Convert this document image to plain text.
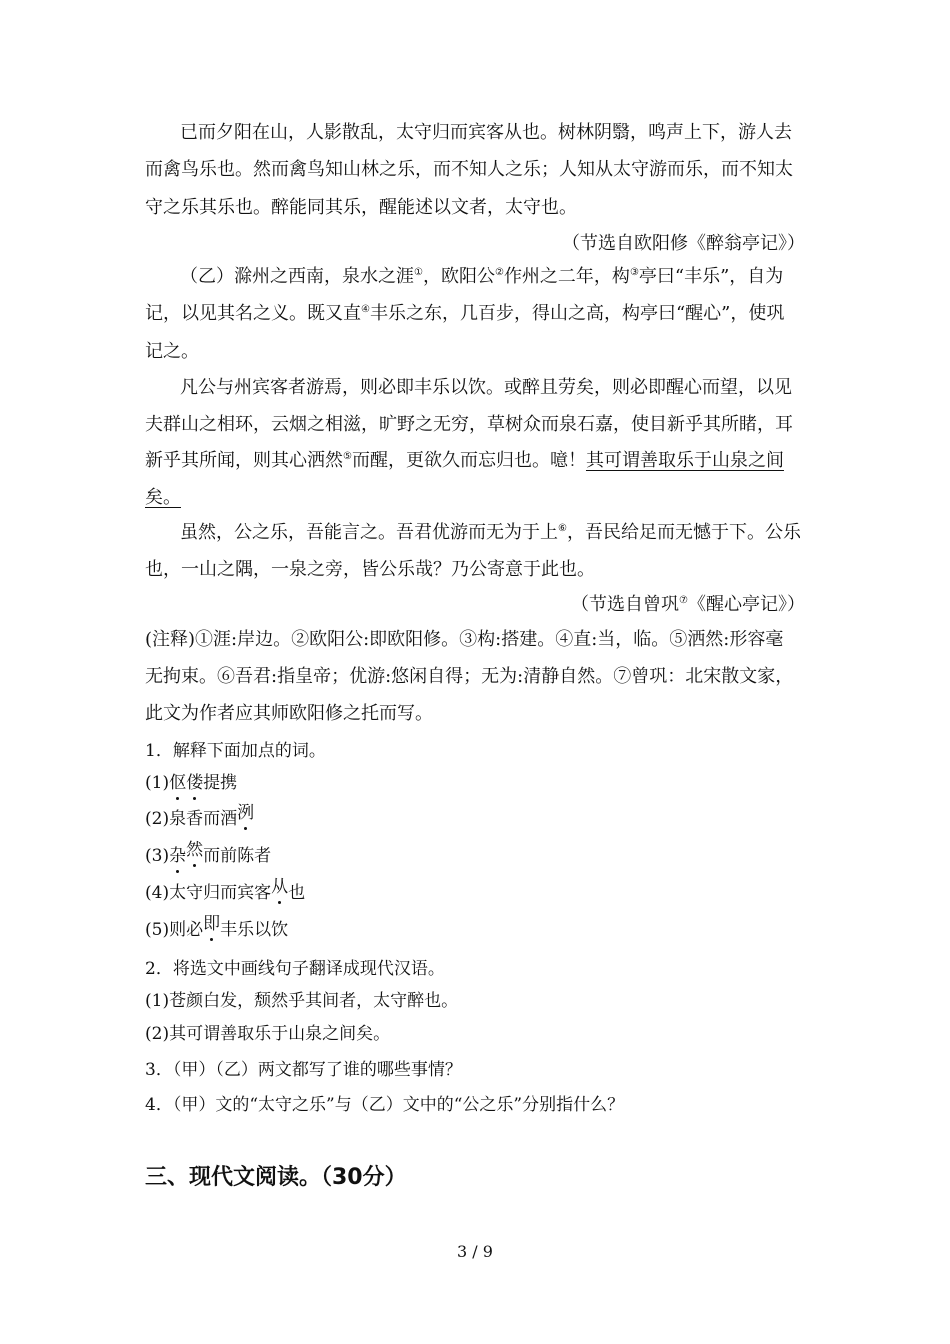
已而夕阳在山，人影散乱，太守归而宾客从也。树林阴翳，鸣声上下，游人去
而禽鸟乐也。然而禽鸟知山林之乐，而不知人之乐；人知从太守游而乐，而不知太
守之乐其乐也。醉能同其乐，醒能述以文者，太守也。
（节选自欧阳修《醉翁亭记》）
（乙）滁州之西南，泉水之涯①，欧阳公②作州之二年，构③亭曰“丰乐”，自为
记，以见其名之义。既又直④丰乐之东，几百步，得山之高，构亭曰“醒心”，使巩
记之。
凡公与州宾客者游焉，则必即丰乐以饮。或醉且劳矣，则必即醒心而望，以见
夫群山之相环，云烟之相滋，旷野之无穷，草树众而泉石嘉，使目新乎其所睹，耳
新乎其所闻，则其心洒然⑤而醒，更欲久而忘归也。噫！其可谓善取乐于山泉之间
矣。
虽然，公之乐，吾能言之。吾君优游而无为于上⑥，吾民给足而无憾于下。公乐
也，一山之隅，一泉之旁，皆公乐哉？乃公寄意于此也。
（节选自曾巩⑦《醒心亭记》）
(注释)①涯:岸边。②欧阳公:即欧阳修。③构:搭建。④直:当，临。⑤洒然:形容毫
无拘束。⑥吾君:指皇帝；优游:悠闲自得；无为:清静自然。⑦曾巩：北宋散文家，
此文为作者应其师欧阳修之托而写。
1．解释下面加点的词。
(1)伛偻提携
(2)泉香而酒洌
(3)杂然而前陈者
(4)太守归而宾客从也
(5)则必即丰乐以饮
2．将选文中画线句子翻译成现代汉语。
(1)苍颜白发，颓然乎其间者，太守醉也。
(2)其可谓善取乐于山泉之间矣。
3．（甲）（乙）两文都写了谁的哪些事情？
4．（甲）文的“太守之乐”与（乙）文中的“公之乐”分别指什么？
三、现代文阅读。（30分）
3 / 9
